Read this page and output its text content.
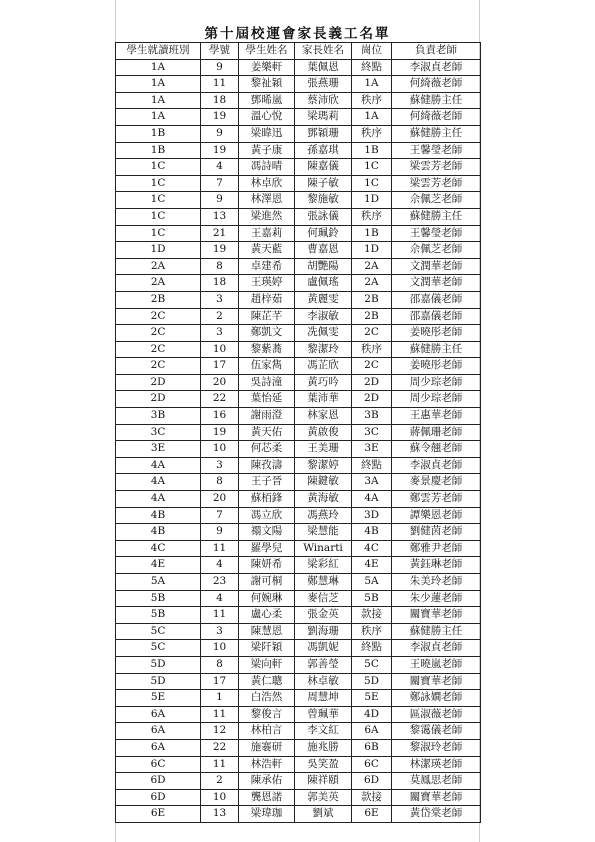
第十屆校運會家長義工名單
學生就讀班別	學號	學生姓名	家長姓名	崗位	負責老師
1A	9	姜樂軒	葉佩恩	終點	李淑貞老師
1A	11	黎祉穎	張燕珊	1A	何綺薇老師
1A	18	鄧晞嵐	蔡沛欣	秩序	蘇健勝主任
1A	19	溫心悅	梁瑪莉	1A	何綺薇老師
1B	9	梁暐迅	鄧穎珊	秩序	蘇健勝主任
1B	19	黃子康	孫嘉琪	1B	王馨瑩老師
1C	4	馮詩晴	陳嘉儀	1C	梁雲芳老師
1C	7	林卓欣	陳子敏	1C	梁雲芳老師
1C	9	林澤恩	黎施敏	1D	佘佩芝老師
1C	13	梁進然	張詠儀	秩序	蘇健勝主任
1C	21	王嘉莉	何珮鈴	1B	王馨瑩老師
1D	19	黃天藍	曹嘉恩	1D	佘佩芝老師
2A	8	卓建希	胡艷陽	2A	文潤華老師
2A	18	王瑛婷	盧佩瑤	2A	文潤華老師
2B	3	趙梓茹	黃麗雯	2B	邵嘉儀老師
2C	2	陳芷芊	李淑敏	2B	邵嘉儀老師
2C	3	鄭凱文	冼佩雯	2C	姜曉彤老師
2C	10	黎紫蕎	黎潔玲	秩序	蘇健勝主任
2C	17	伍家雋	馮芷欣	2C	姜曉彤老師
2D	20	吳詩潼	黃巧吟	2D	周少琮老師
2D	22	葉怡延	葉沛華	2D	周少琮老師
3B	16	謝雨澄	林家恩	3B	王惠華老師
3C	19	黃天佑	黃啟俊	3C	蔣佩珊老師
3E	10	何芯柔	王美珊	3E	蘇令翹老師
4A	3	陳孜濤	黎潔婷	終點	李淑貞老師
4A	8	王子晉	陳鍵敏	3A	麥景慶老師
4A	20	蘇栢鋒	黃海敏	4A	鄭雲芳老師
4B	7	馮立欣	馮燕玲	3D	譚樂恩老師
4B	9	禤文陽	梁慧能	4B	劉健茵老師
4C	11	羅學兒	Winarti	4C	鄭雅尹老師
4E	4	陳妍希	梁彩紅	4E	黃鈺琳老師
5A	23	謝可桐	鄭慧琳	5A	朱美玲老師
5B	4	何婉琳	麥信芝	5B	朱少蓮老師
5B	11	盧心柔	張金英	款接	關寶華老師
5C	3	陳慧恩	劉海珊	秩序	蘇健勝主任
5C	10	梁阡穎	馮凱妮	終點	李淑貞老師
5D	8	梁向軒	郭善瑩	5C	王曉嵐老師
5D	17	黃仁聰	林卓敏	5D	關寶華老師
5E	1	白浩然	周慧坤	5E	鄭詠嫺老師
6A	11	黎俊言	曾珮華	4D	區淑薇老師
6A	12	林柏言	李文紅	6A	黎霭儀老師
6A	22	施褰研	施兆勝	6B	黎淑玲老師
6C	11	林浩軒	吳笑盈	6C	林潔瑛老師
6D	2	陳承佑	陳祥頤	6D	莫鳳思老師
6D	10	龔恩諾	郭美英	款接	關寶華老師
6E	13	梁瑋珈	劉斌	6E	黃岱棠老師
